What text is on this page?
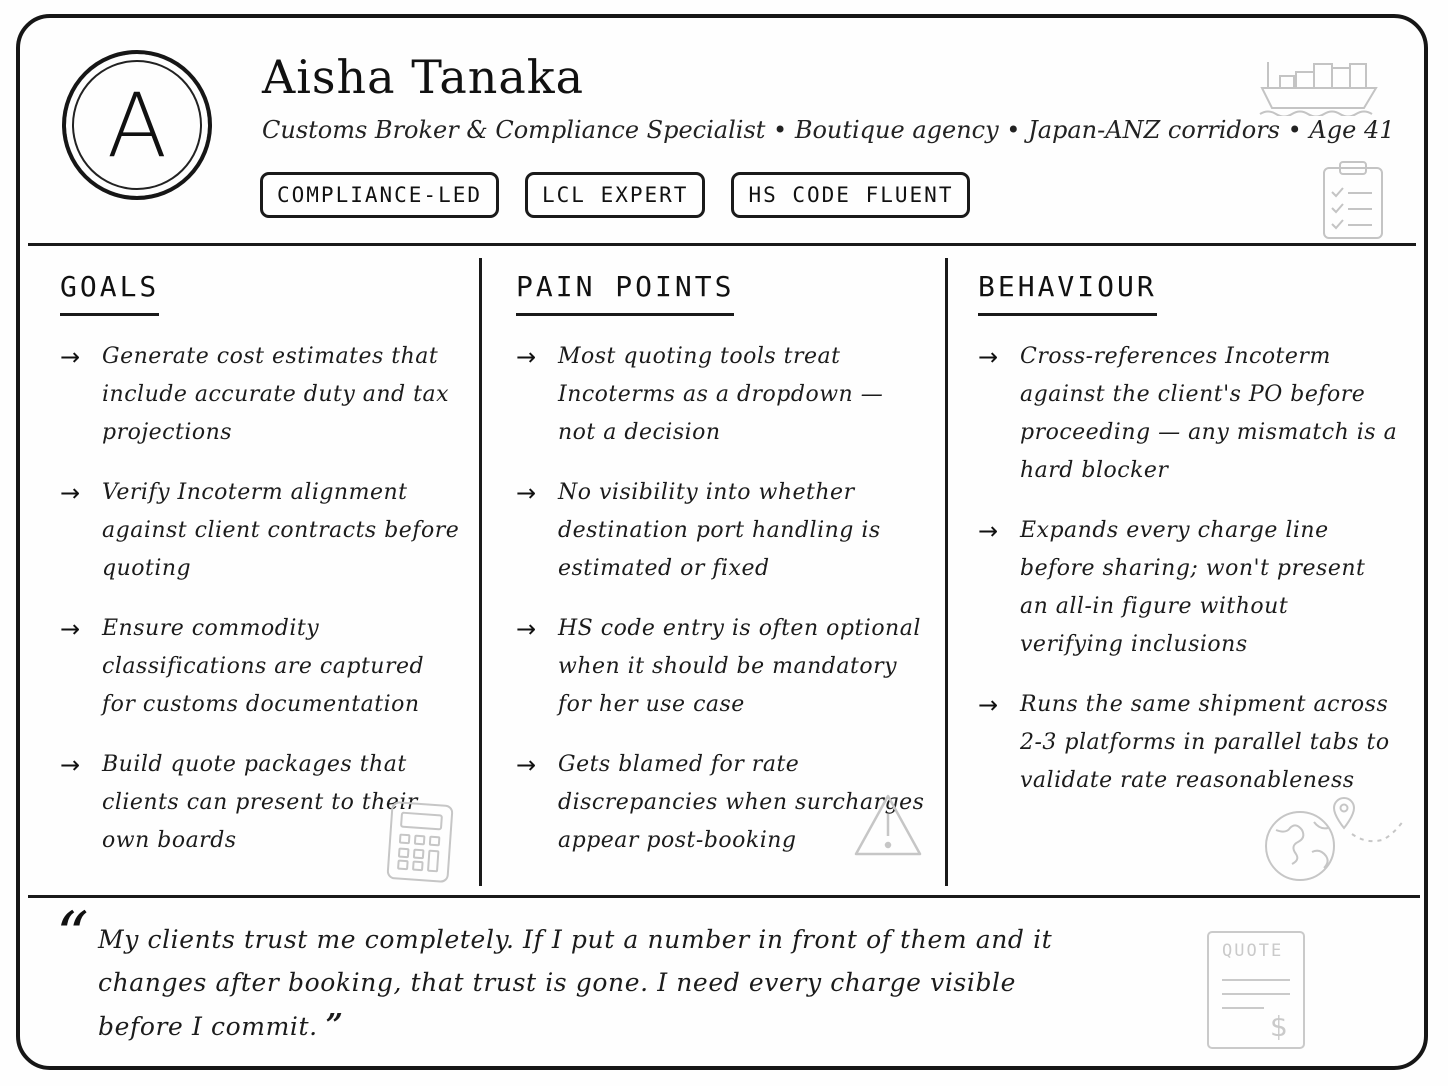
A	Aisha Tanaka
Customs Broker & Compliance Specialist • Boutique agency • Japan-ANZ corridors • Age 41
COMPLIANCE-LED	LCL EXPERT	HS CODE FLUENT
GOALS
→ Generate cost estimates that include accurate duty and tax projections
→ Verify Incoterm alignment against client contracts before quoting
→ Ensure commodity classifications are captured for customs documentation
→ Build quote packages that clients can present to their own boards
PAIN POINTS
→ Most quoting tools treat Incoterms as a dropdown — not a decision
→ No visibility into whether destination port handling is estimated or fixed
→ HS code entry is often optional when it should be mandatory for her use case
→ Gets blamed for rate discrepancies when surcharges appear post-booking
BEHAVIOUR
→ Cross-references Incoterm against the client's PO before proceeding — any mismatch is a hard blocker
→ Expands every charge line before sharing; won't present an all-in figure without verifying inclusions
→ Runs the same shipment across 2-3 platforms in parallel tabs to validate rate reasonableness
“ My clients trust me completely. If I put a number in front of them and it changes after booking, that trust is gone. I need every charge visible before I commit. ”
QUOTE
$
